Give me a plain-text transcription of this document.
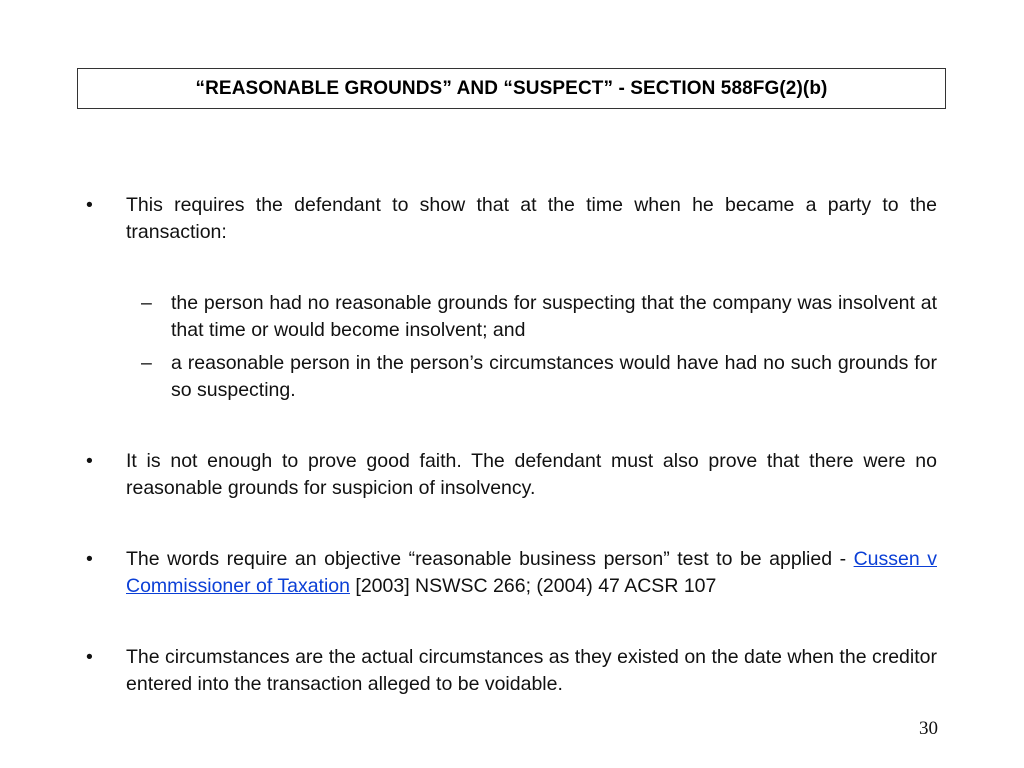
“REASONABLE GROUNDS” AND “SUSPECT” - SECTION 588FG(2)(b)
•	This requires the defendant to show that at the time when he became a party to the transaction:
– the person had no reasonable grounds for suspecting that the company was insolvent at that time or would become insolvent; and
– a reasonable person in the person’s circumstances would have had no such grounds for so suspecting.
•	It is not enough to prove good faith. The defendant must also prove that there were no reasonable grounds for suspicion of insolvency.
•	The words require an objective “reasonable business person” test to be applied - Cussen v Commissioner of Taxation [2003] NSWSC 266; (2004) 47 ACSR 107
•	The circumstances are the actual circumstances as they existed on the date when the creditor entered into the transaction alleged to be voidable.
30
